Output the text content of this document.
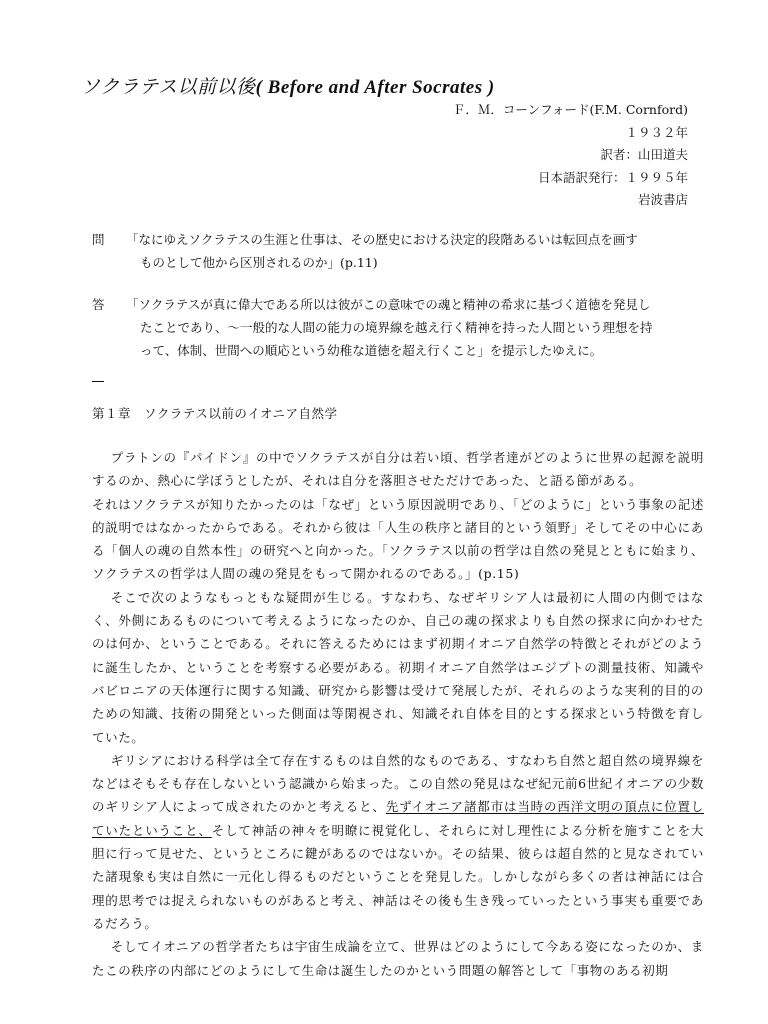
ソクラテス以前以後( Before and After Socrates )
Ｆ．Ｍ．コーンフォード(F.M. Cornford)
１９３２年
訳者：山田道夫
日本語訳発行：１９９５年
岩波書店
問 「なにゆえソクラテスの生涯と仕事は、その歴史における決定的段階あるいは転回点を画す
ものとして他から区別されるのか」(p.11)
答 「ソクラテスが真に偉大である所以は彼がこの意味での魂と精神の希求に基づく道徳を発見し
たことであり、～一般的な人間の能力の境界線を越え行く精神を持った人間という理想を持
って、体制、世間への順応という幼稚な道徳を超え行くこと」を提示したゆえに。
第１章　ソクラテス以前のイオニア自然学

プラトンの『パイドン』の中でソクラテスが自分は若い頃、哲学者達がどのように世界の起源を説明するのか、熱心に学ぼうとしたが、それは自分を落胆させただけであった、と語る節がある。

それはソクラテスが知りたかったのは「なぜ」という原因説明であり、「どのように」という事象の記述的説明ではなかったからである。それから彼は「人生の秩序と諸目的という領野」そしてその中心にある「個人の魂の自然本性」の研究へと向かった。「ソクラテス以前の哲学は自然の発見とともに始まり、ソクラテスの哲学は人間の魂の発見をもって開かれるのである。」(p.15)

そこで次のようなもっともな疑問が生じる。すなわち、なぜギリシア人は最初に人間の内側ではなく、外側にあるものについて考えるようになったのか、自己の魂の探求よりも自然の探求に向かわせたのは何か、ということである。それに答えるためにはまず初期イオニア自然学の特徴とそれがどのように誕生したか、ということを考察する必要がある。初期イオニア自然学はエジプトの測量技術、知識やバビロニアの天体運行に関する知識、研究から影響は受けて発展したが、それらのような実利的目的のための知識、技術の開発といった側面は等閑視され、知識それ自体を目的とする探求という特徴を育していた。

ギリシアにおける科学は全て存在するものは自然的なものである、すなわち自然と超自然の境界線をなどはそもそも存在しないという認識から始まった。この自然の発見はなぜ紀元前6世紀イオニアの少数のギリシア人によって成されたのかと考えると、先ずイオニア諸都市は当時の西洋文明の頂点に位置していたということ、そして神話の神々を明瞭に視覚化し、それらに対し理性による分析を施すことを大胆に行って見せた、というところに鍵があるのではないか。その結果、彼らは超自然的と見なされていた諸現象も実は自然に一元化し得るものだということを発見した。しかしながら多くの者は神話には合理的思考では捉えられないものがあると考え、神話はその後も生き残っていったという事実も重要であるだろう。

そしてイオニアの哲学者たちは宇宙生成論を立て、世界はどのようにして今ある姿になったのか、またこの秩序の内部にどのようにして生命は誕生したのかという問題の解答として「事物のある初期
